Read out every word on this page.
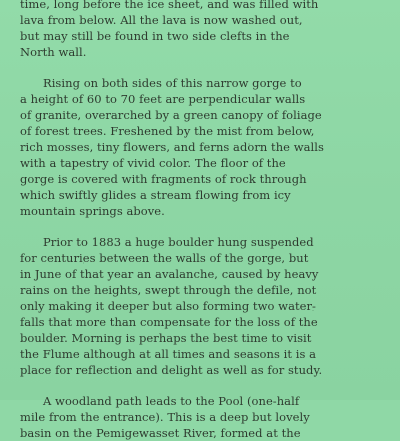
time, long before the ice sheet, and was filled with
lava from below. All the lava is now washed out,
but may still be found in two side clefts in the
North wall.
Rising on both sides of this narrow gorge to
a height of 60 to 70 feet are perpendicular walls
of granite, overarched by a green canopy of foliage
of forest trees. Freshened by the mist from below,
rich mosses, tiny flowers, and ferns adorn the walls
with a tapestry of vivid color. The floor of the
gorge is covered with fragments of rock through
which swiftly glides a stream flowing from icy
mountain springs above.
Prior to 1883 a huge boulder hung suspended
for centuries between the walls of the gorge, but
in June of that year an avalanche, caused by heavy
rains on the heights, swept through the defile, not
only making it deeper but also forming two water-
falls that more than compensate for the loss of the
boulder. Morning is perhaps the best time to visit
the Flume although at all times and seasons it is a
place for reflection and delight as well as for study.
A woodland path leads to the Pool (one-half
mile from the entrance). This is a deep but lovely
basin on the Pemigewasset River, formed at the
